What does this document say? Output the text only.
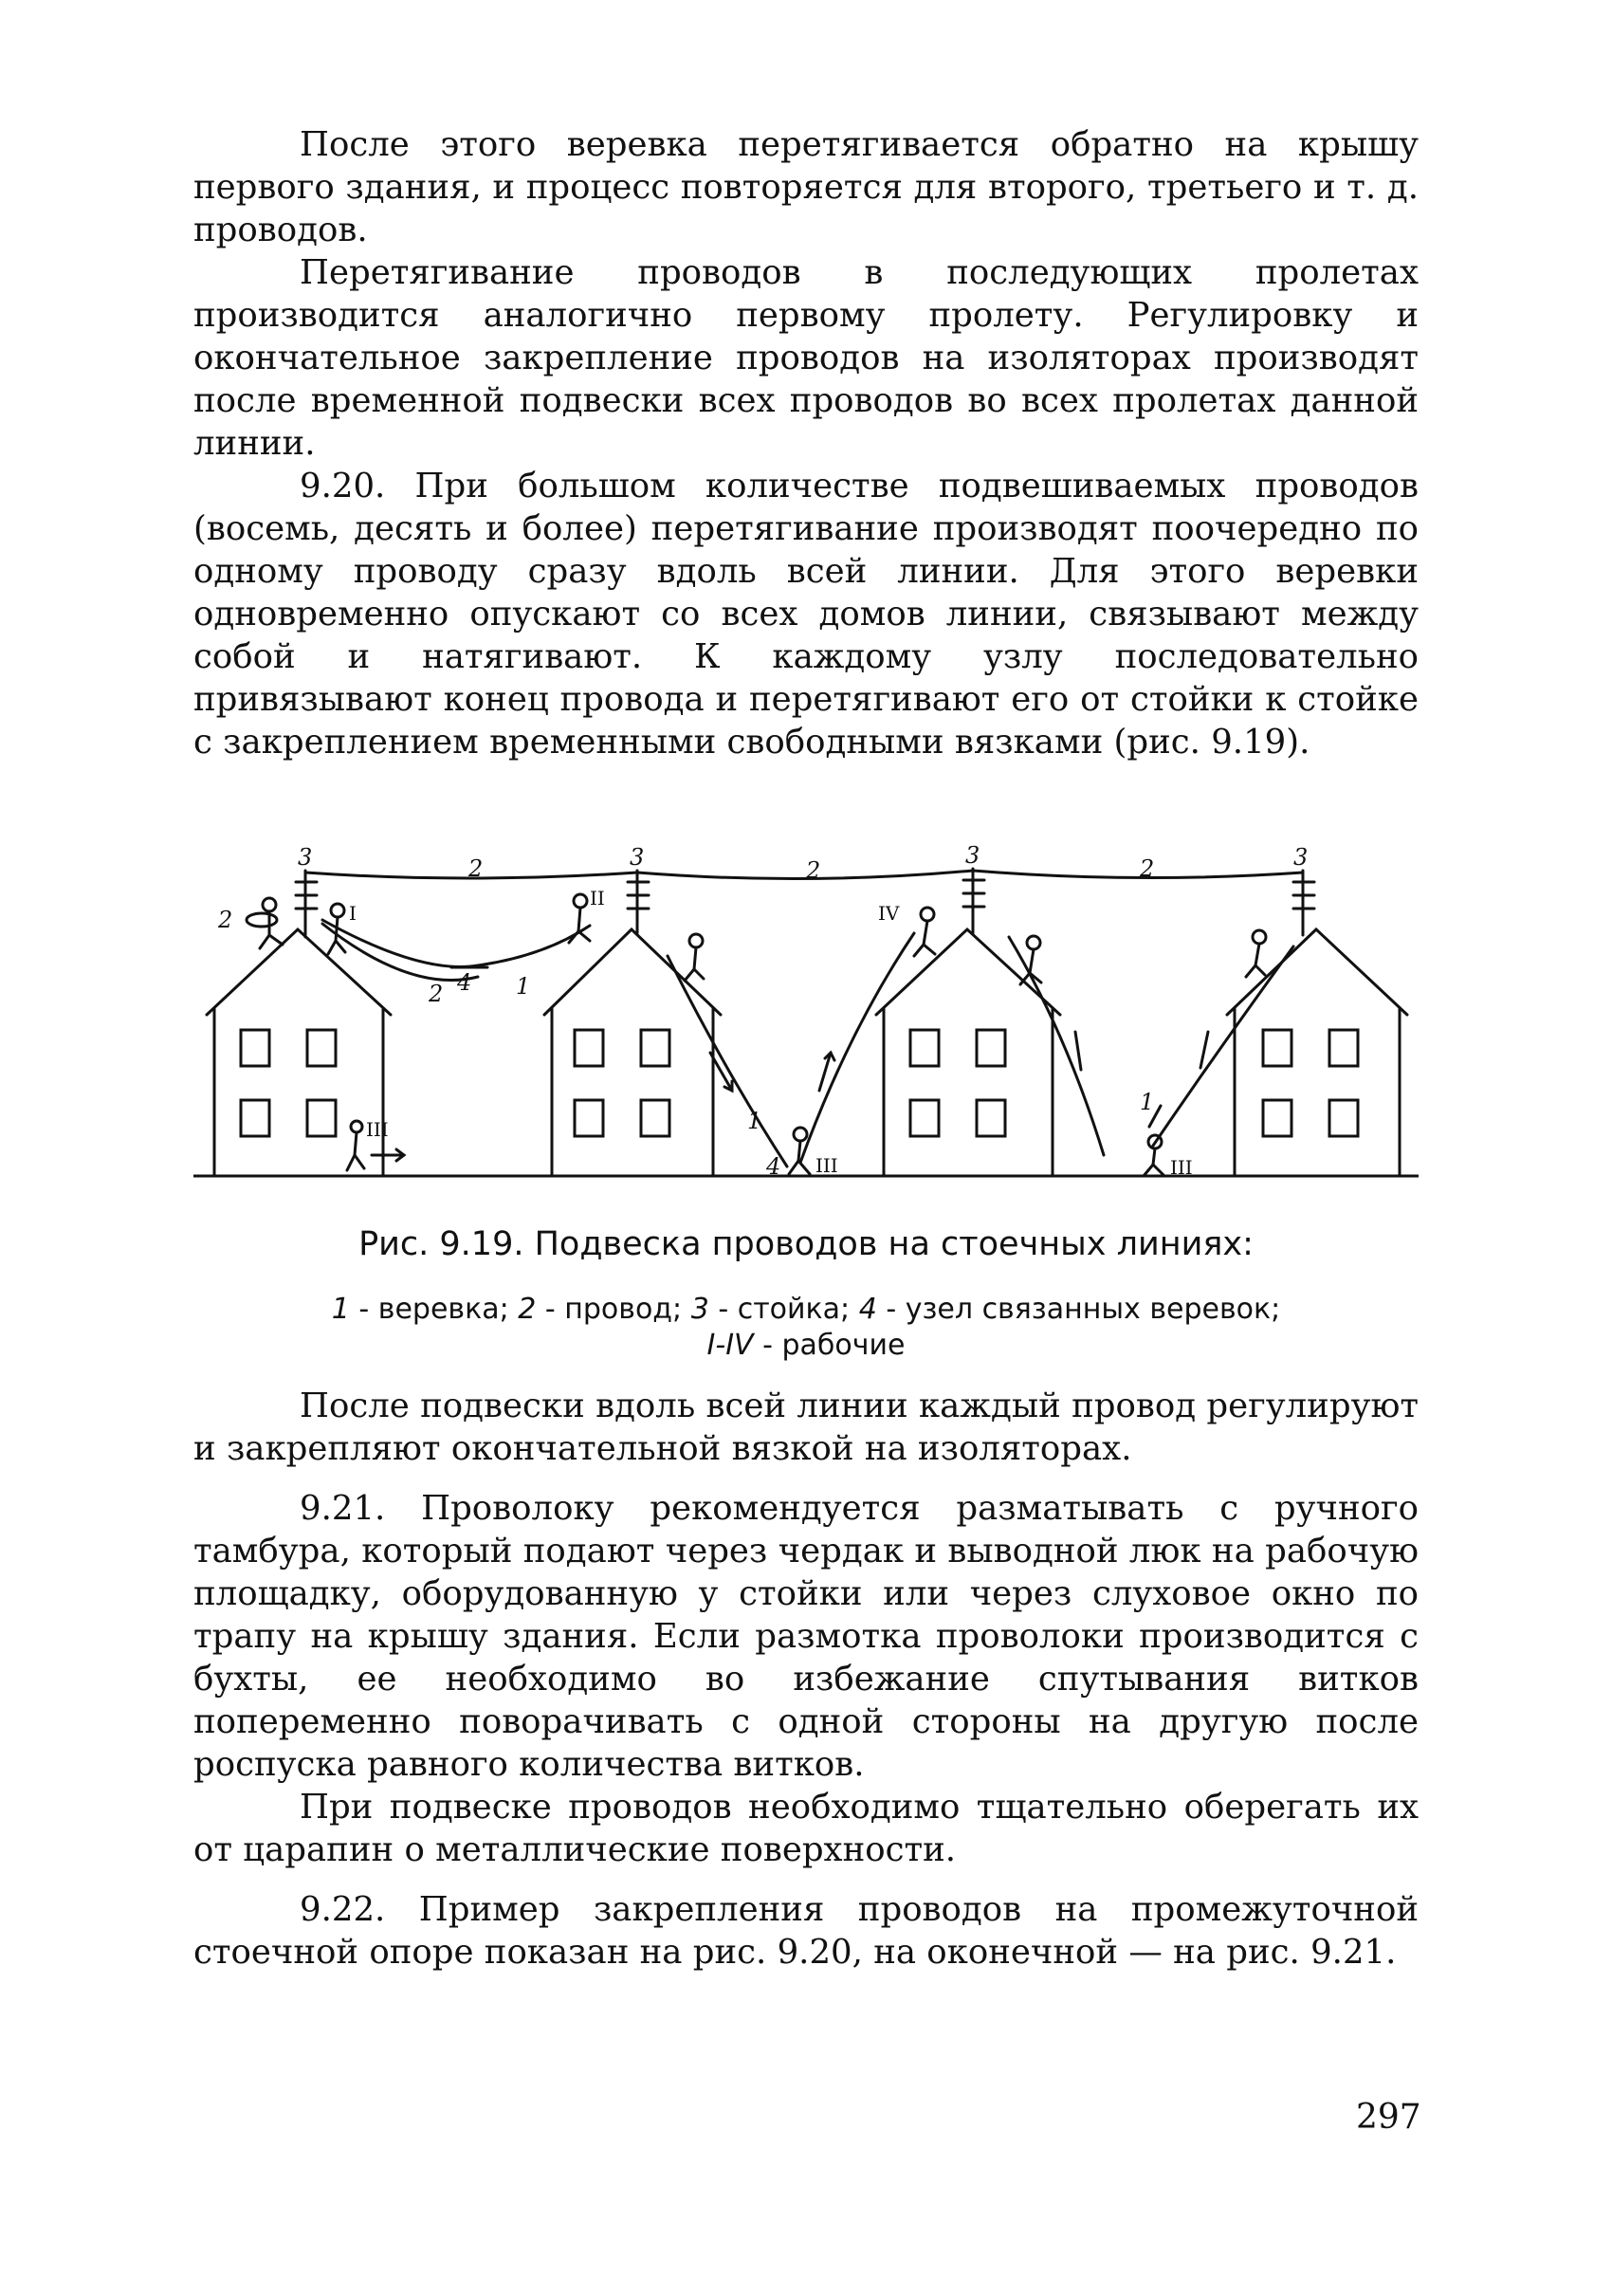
После этого веревка перетягивается обратно на крышу первого здания, и процесс повторяется для второго, третьего и т. д. проводов.

Перетягивание проводов в последующих пролетах производится аналогично первому пролету. Регулировку и окончательное закрепление проводов на изоляторах производят после временной подвески всех проводов во всех пролетах данной линии.

9.20. При большом количестве подвешиваемых проводов (восемь, десять и более) перетягивание производят поочередно по одному проводу сразу вдоль всей линии. Для этого веревки одновременно опускают со всех домов линии, связывают между собой и натягивают. К каждому узлу последовательно привязывают конец провода и перетягивают его от стойки к стойке с закреплением временными свободными вязками (рис. 9.19).

3	3	3	3
2	2	2
2
2 4 1
1
4
1
I
II
III
III	III
IV
Рис. 9.19. Подвеска проводов на стоечных линиях:
1 - веревка; 2 - провод; 3 - стойка; 4 - узел связанных веревок;
I-IV - рабочие

После подвески вдоль всей линии каждый провод регулируют и закрепляют окончательной вязкой на изоляторах.

9.21. Проволоку рекомендуется разматывать с ручного тамбура, который подают через чердак и выводной люк на рабочую площадку, оборудованную у стойки или через слуховое окно по трапу на крышу здания. Если размотка проволоки производится с бухты, ее необходимо во избежание спутывания витков попеременно поворачивать с одной стороны на другую после роспуска равного количества витков.

При подвеске проводов необходимо тщательно оберегать их от царапин о металлические поверхности.

9.22. Пример закрепления проводов на промежуточной стоечной опоре показан на рис. 9.20, на оконечной — на рис. 9.21.

297
